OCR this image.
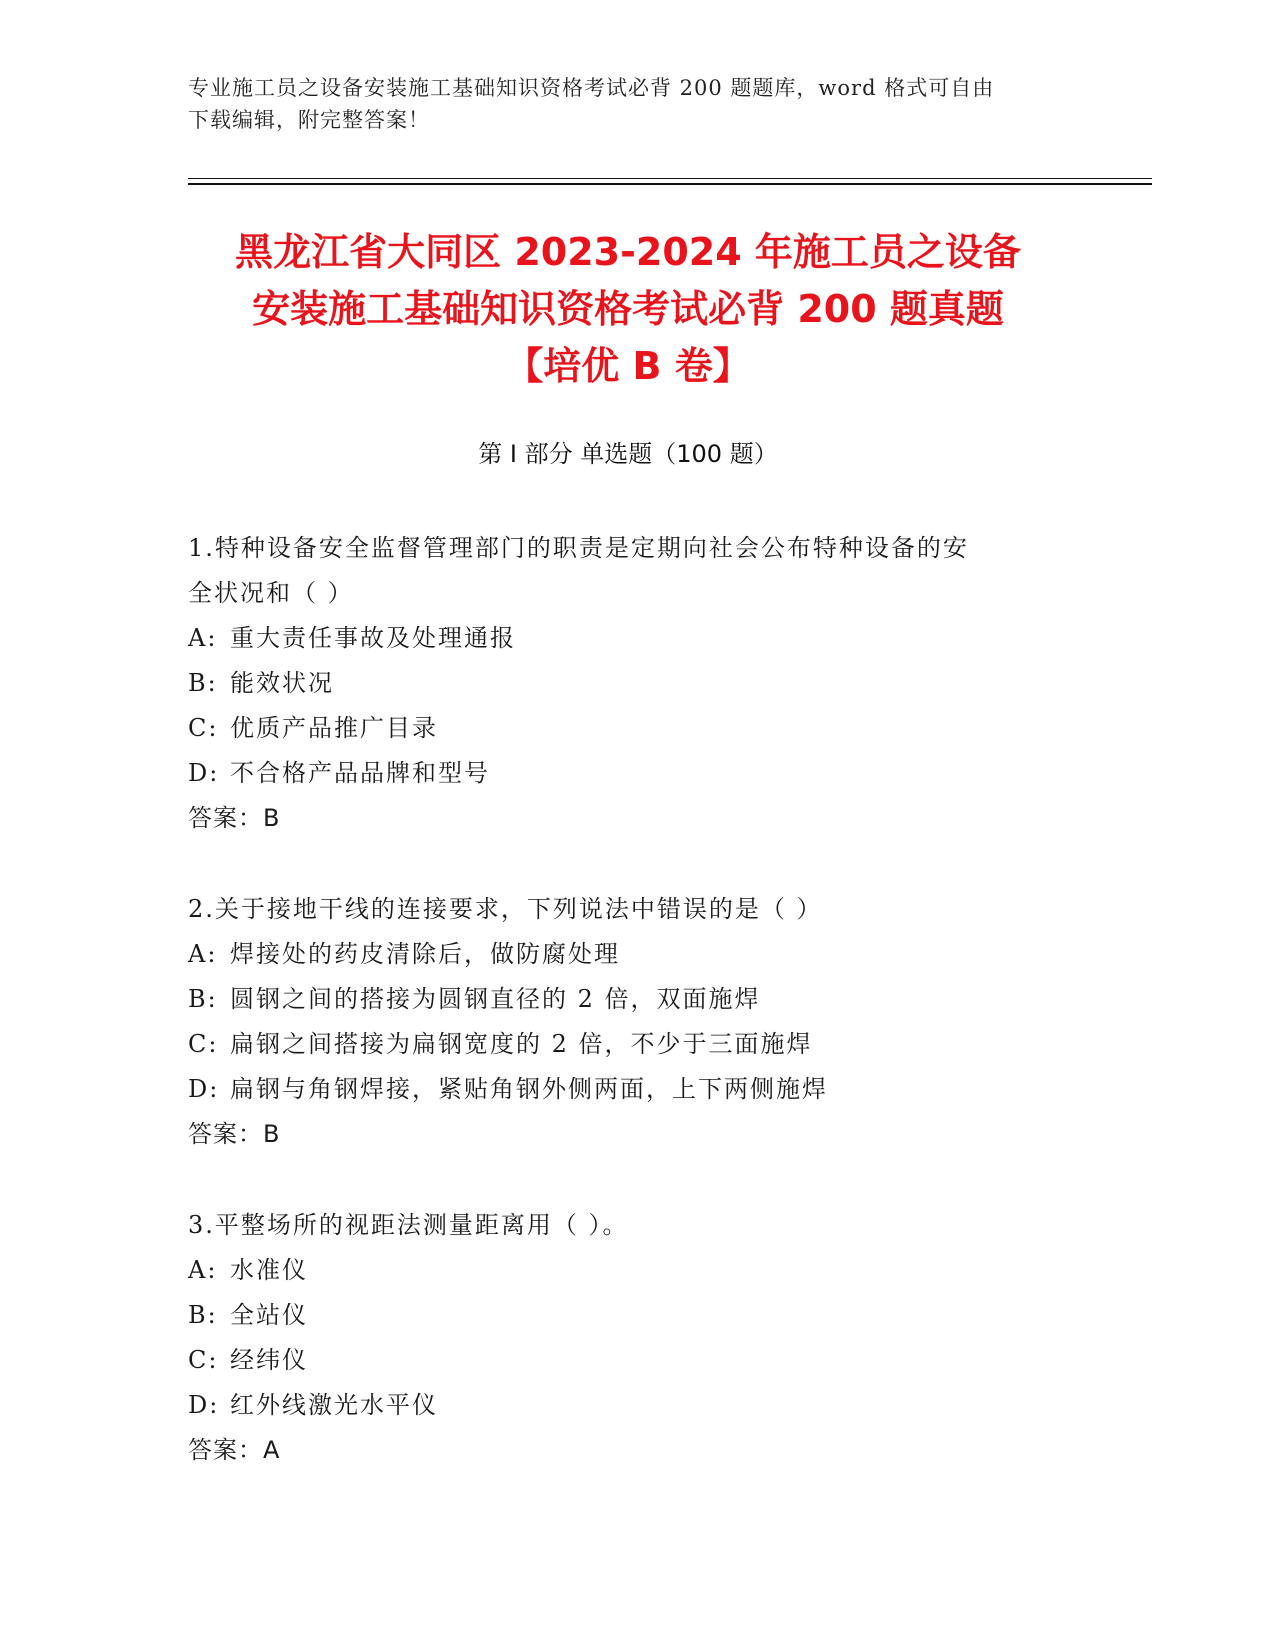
专业施工员之设备安装施工基础知识资格考试必背 200 题题库，word 格式可自由
下载编辑，附完整答案！
黑龙江省大同区 2023-2024 年施工员之设备
安装施工基础知识资格考试必背 200 题真题
【培优 B 卷】
第 I 部分 单选题（100 题）
1.特种设备安全监督管理部门的职责是定期向社会公布特种设备的安
全状况和（ ）
A: 重大责任事故及处理通报
B: 能效状况
C: 优质产品推广目录
D: 不合格产品品牌和型号
答案：B
2.关于接地干线的连接要求，下列说法中错误的是（ ）
A: 焊接处的药皮清除后，做防腐处理
B: 圆钢之间的搭接为圆钢直径的 2 倍，双面施焊
C: 扁钢之间搭接为扁钢宽度的 2 倍，不少于三面施焊
D: 扁钢与角钢焊接，紧贴角钢外侧两面，上下两侧施焊
答案：B
3.平整场所的视距法测量距离用（ ）。
A: 水准仪
B: 全站仪
C: 经纬仪
D: 红外线激光水平仪
答案：A
